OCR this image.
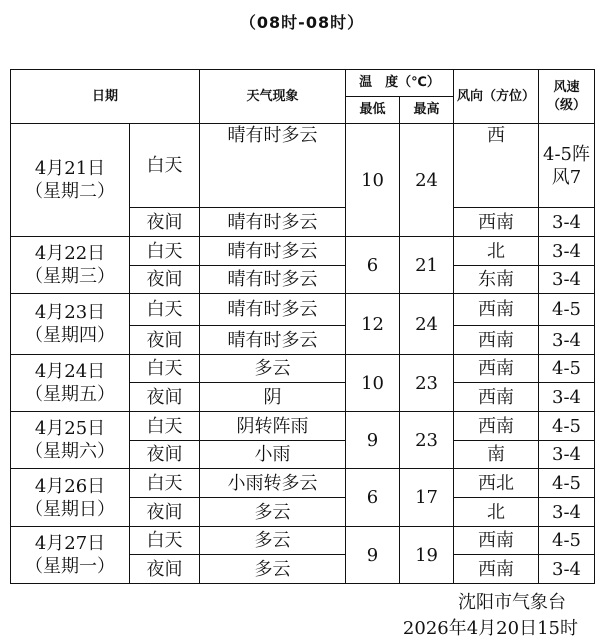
（08时-08时）
日期		天气现象	温　度（℃）		风向（方位）	风速（级）
			最低	最高		

4月21日
（星期二）	白天	晴有时多云	10	24	西	4-5阵风7
	夜间	晴有时多云			西南	3-4

4月22日
（星期三）	白天	晴有时多云	6	21	北	3-4
	夜间	晴有时多云			东南	3-4

4月23日
（星期四）	白天	晴有时多云	12	24	西南	4-5
	夜间	晴有时多云			西南	3-4

4月24日
（星期五）	白天	多云	10	23	西南	4-5
	夜间	阴			西南	3-4

4月25日
（星期六）	白天	阴转阵雨	9	23	西南	4-5
	夜间	小雨			南	3-4

4月26日
（星期日）	白天	小雨转多云	6	17	西北	4-5
	夜间	多云			北	3-4

4月27日
（星期一）	白天	多云	9	19	西南	4-5
	夜间	多云			西南	3-4
沈阳市气象台
2026年4月20日15时
